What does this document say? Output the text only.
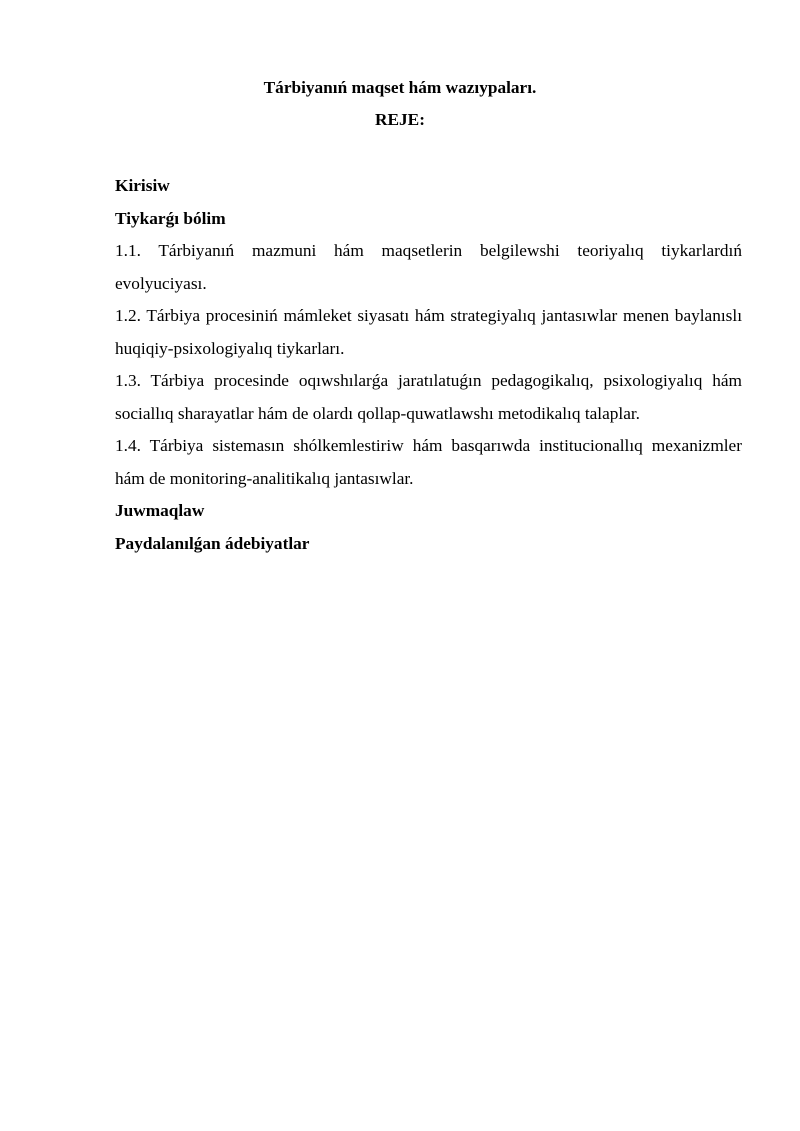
Tárbiyanıń maqset hám wazıypaları.

REJE:

Kirisiw

Tiykarǵı bólim

1.1. Tárbiyanıń mazmuni hám maqsetlerin belgilewshi teoriyalıq tiykarlardıń evolyuciyası.

1.2. Tárbiya procesiniń mámleket siyasatı hám strategiyalıq jantasıwlar menen baylanıslı huqiqiy-psixologiyalıq tiykarları.

1.3. Tárbiya procesinde oqıwshılarǵa jaratılatuǵın pedagogikalıq, psixologiyalıq hám sociallıq sharayatlar hám de olardı qollap-quwatlawshı metodikalıq talaplar.

1.4. Tárbiya sistemasın shólkemlestiriw hám basqarıwda institucionallıq mexanizmler hám de monitoring-analitikalıq jantasıwlar.

Juwmaqlaw

Paydalanılǵan ádebiyatlar
